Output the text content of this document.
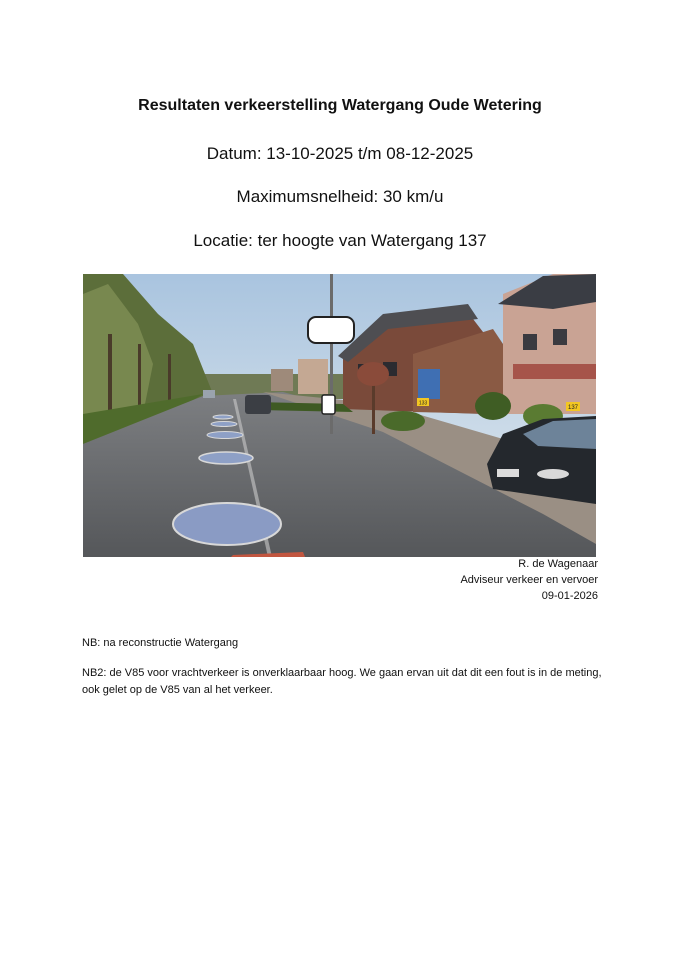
Resultaten verkeerstelling Watergang Oude Wetering
Datum: 13-10-2025 t/m 08-12-2025
Maximumsnelheid: 30 km/u
Locatie: ter hoogte van Watergang 137
133
137
R. de Wagenaar
Adviseur verkeer en vervoer
09-01-2026
NB: na reconstructie Watergang
NB2: de V85 voor vrachtverkeer is onverklaarbaar hoog. We gaan ervan uit dat dit een fout is in de meting, ook gelet op de V85 van al het verkeer.
